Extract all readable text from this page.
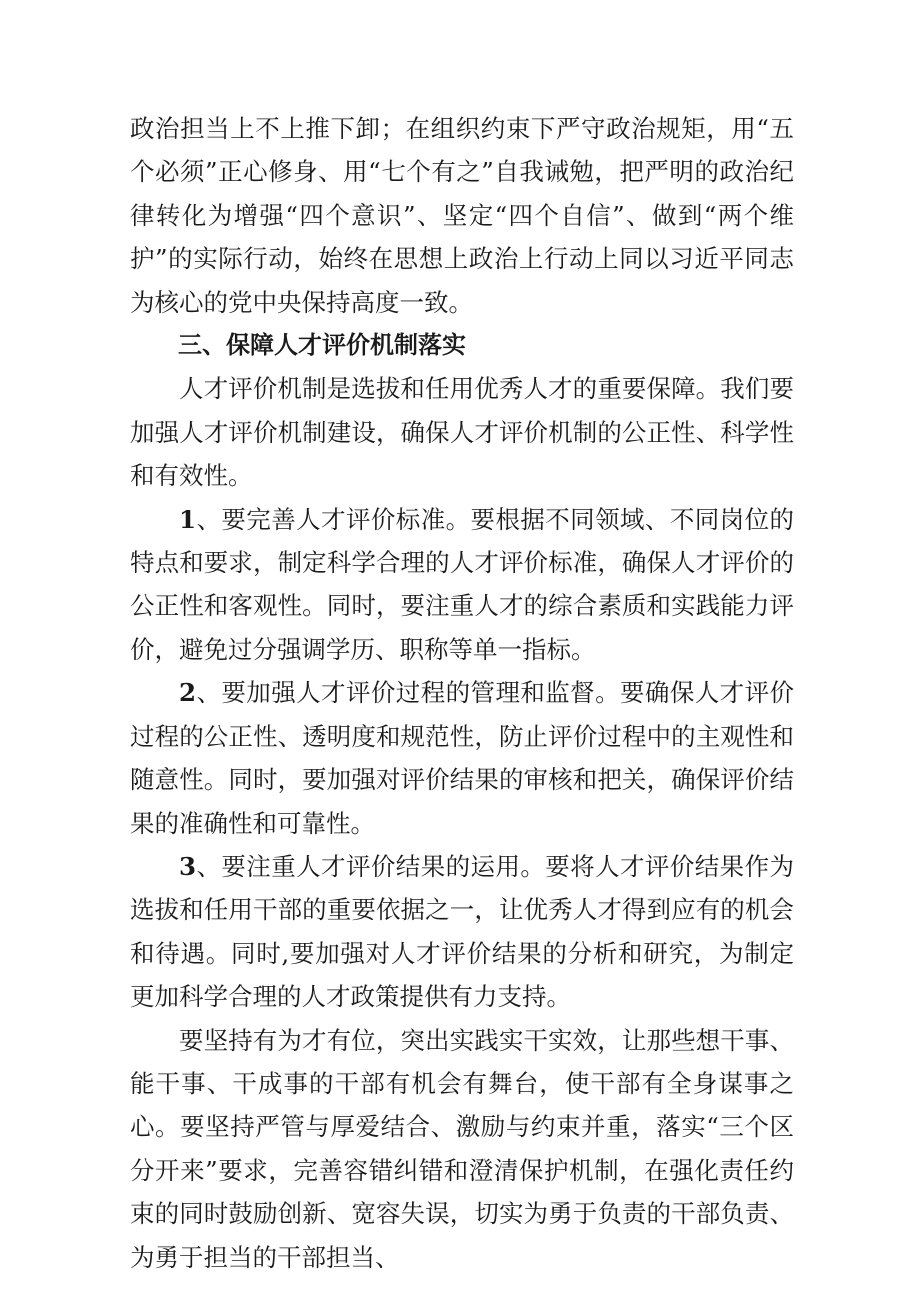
政治担当上不上推下卸；在组织约束下严守政治规矩，用“五个必须”正心修身、用“七个有之”自我诫勉，把严明的政治纪律转化为增强“四个意识”、坚定“四个自信”、做到“两个维护”的实际行动，始终在思想上政治上行动上同以习近平同志为核心的党中央保持高度一致。

三、保障人才评价机制落实

人才评价机制是选拔和任用优秀人才的重要保障。我们要加强人才评价机制建设，确保人才评价机制的公正性、科学性和有效性。

1、要完善人才评价标准。要根据不同领域、不同岗位的特点和要求，制定科学合理的人才评价标准，确保人才评价的公正性和客观性。同时，要注重人才的综合素质和实践能力评价，避免过分强调学历、职称等单一指标。

2、要加强人才评价过程的管理和监督。要确保人才评价过程的公正性、透明度和规范性，防止评价过程中的主观性和随意性。同时，要加强对评价结果的审核和把关，确保评价结果的准确性和可靠性。

3、要注重人才评价结果的运用。要将人才评价结果作为选拔和任用干部的重要依据之一，让优秀人才得到应有的机会和待遇。同时,要加强对人才评价结果的分析和研究，为制定更加科学合理的人才政策提供有力支持。

要坚持有为才有位，突出实践实干实效，让那些想干事、能干事、干成事的干部有机会有舞台，使干部有全身谋事之心。要坚持严管与厚爱结合、激励与约束并重，落实“三个区分开来”要求，完善容错纠错和澄清保护机制，在强化责任约束的同时鼓励创新、宽容失误，切实为勇于负责的干部负责、为勇于担当的干部担当、
